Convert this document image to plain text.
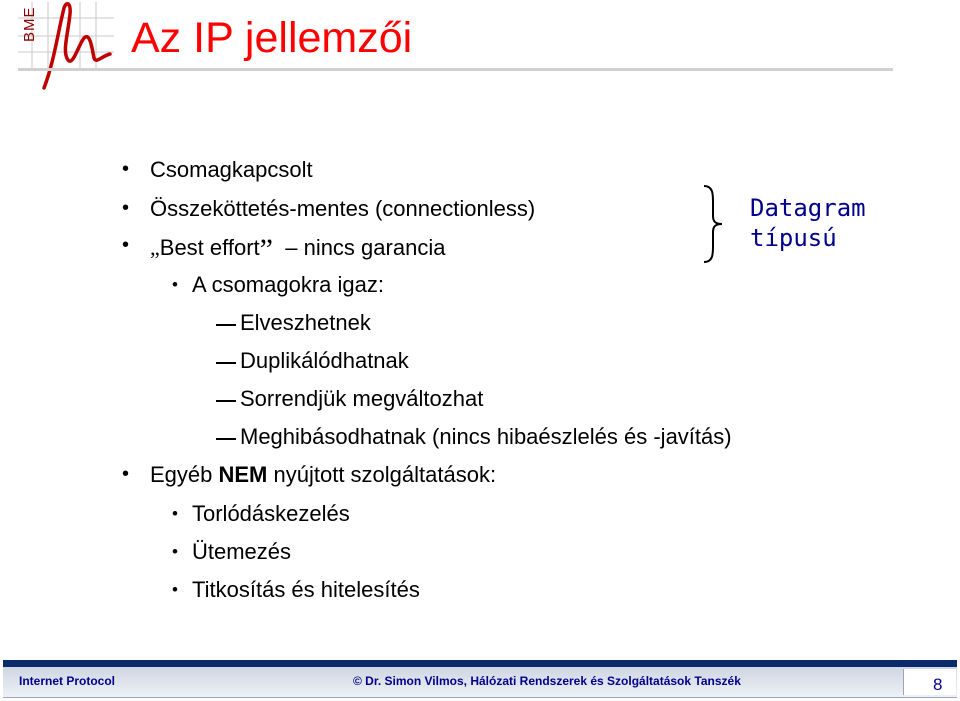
BME Az IP jellemzői
• Csomagkapcsolt
• Összeköttetés-mentes (connectionless)
• „Best effort” – nincs garancia
• A csomagokra igaz:
Elveszhetnek
Duplikálódhatnak
Sorrendjük megváltozhat
Meghibásodhatnak (nincs hibaészlelés és -javítás)
• Egyéb NEM nyújtott szolgáltatások:
• Torlódáskezelés
• Ütemezés
• Titkosítás és hitelesítés
Datagram
típusú
Internet Protocol	© Dr. Simon Vilmos, Hálózati Rendszerek és Szolgáltatások Tanszék	8
